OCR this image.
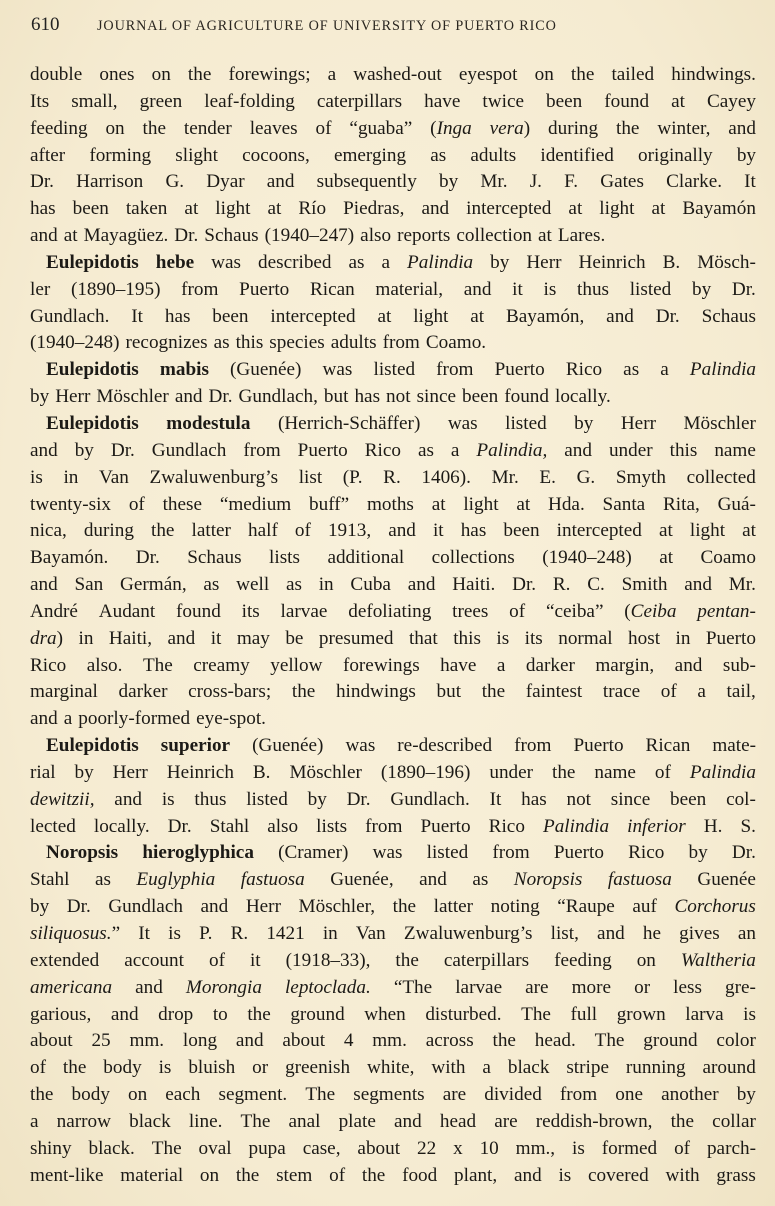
610	JOURNAL OF AGRICULTURE OF UNIVERSITY OF PUERTO RICO
double ones on the forewings; a washed-out eyespot on the tailed hindwings.
Its small, green leaf-folding caterpillars have twice been found at Cayey
feeding on the tender leaves of “guaba” (Inga vera) during the winter, and
after forming slight cocoons, emerging as adults identified originally by
Dr. Harrison G. Dyar and subsequently by Mr. J. F. Gates Clarke. It
has been taken at light at Río Piedras, and intercepted at light at Bayamón
and at Mayagüez. Dr. Schaus (1940–247) also reports collection at Lares.
Eulepidotis hebe was described as a Palindia by Herr Heinrich B. Mösch-
ler (1890–195) from Puerto Rican material, and it is thus listed by Dr.
Gundlach. It has been intercepted at light at Bayamón, and Dr. Schaus
(1940–248) recognizes as this species adults from Coamo.
Eulepidotis mabis (Guenée) was listed from Puerto Rico as a Palindia
by Herr Möschler and Dr. Gundlach, but has not since been found locally.
Eulepidotis modestula (Herrich-Schäffer) was listed by Herr Möschler
and by Dr. Gundlach from Puerto Rico as a Palindia, and under this name
is in Van Zwaluwenburg’s list (P. R. 1406). Mr. E. G. Smyth collected
twenty-six of these “medium buff” moths at light at Hda. Santa Rita, Guá-
nica, during the latter half of 1913, and it has been intercepted at light at
Bayamón. Dr. Schaus lists additional collections (1940–248) at Coamo
and San Germán, as well as in Cuba and Haiti. Dr. R. C. Smith and Mr.
André Audant found its larvae defoliating trees of “ceiba” (Ceiba pentan-
dra) in Haiti, and it may be presumed that this is its normal host in Puerto
Rico also. The creamy yellow forewings have a darker margin, and sub-
marginal darker cross-bars; the hindwings but the faintest trace of a tail,
and a poorly-formed eye-spot.
Eulepidotis superior (Guenée) was re-described from Puerto Rican mate-
rial by Herr Heinrich B. Möschler (1890–196) under the name of Palindia
dewitzii, and is thus listed by Dr. Gundlach. It has not since been col-
lected locally. Dr. Stahl also lists from Puerto Rico Palindia inferior H. S.
Noropsis hieroglyphica (Cramer) was listed from Puerto Rico by Dr.
Stahl as Euglyphia fastuosa Guenée, and as Noropsis fastuosa Guenée
by Dr. Gundlach and Herr Möschler, the latter noting “Raupe auf Corchorus
siliquosus.” It is P. R. 1421 in Van Zwaluwenburg’s list, and he gives an
extended account of it (1918–33), the caterpillars feeding on Waltheria
americana and Morongia leptoclada. “The larvae are more or less gre-
garious, and drop to the ground when disturbed. The full grown larva is
about 25 mm. long and about 4 mm. across the head. The ground color
of the body is bluish or greenish white, with a black stripe running around
the body on each segment. The segments are divided from one another by
a narrow black line. The anal plate and head are reddish-brown, the collar
shiny black. The oval pupa case, about 22 x 10 mm., is formed of parch-
ment-like material on the stem of the food plant, and is covered with grass
